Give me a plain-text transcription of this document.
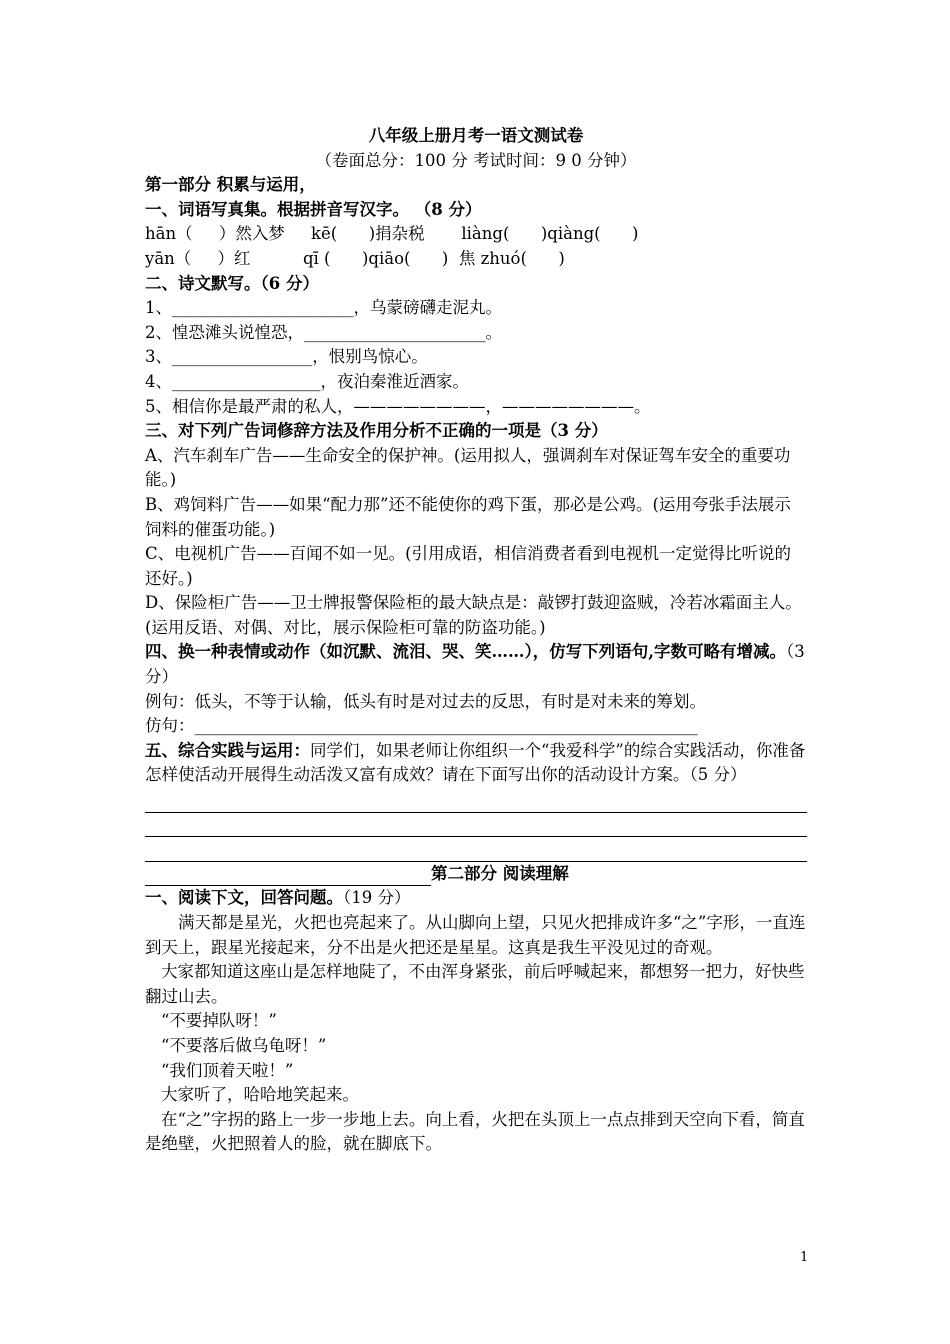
八年级上册月考一语文测试卷
（卷面总分：100 分 考试时间：9 0 分钟）
第一部分 积累与运用，
一、词语写真集。根据拼音写汉字。 （8 分）
hān（     ）然入梦     kē(      )捐杂税       liàng(      )qiàng(      )
yān（     ）红          qī (      )qiāo(      )  焦 zhuó(      )
二、诗文默写。（6 分）
1、______________________，乌蒙磅礴走泥丸。
2、惶恐滩头说惶恐，______________________。
3、_________________，恨别鸟惊心。
4、__________________，夜泊秦淮近酒家。
5、相信你是最严肃的私人，————————，————————。
三、对下列广告词修辞方法及作用分析不正确的一项是（3 分）
A、汽车刹车广告——生命安全的保护神。(运用拟人，强调刹车对保证驾车安全的重要功能。)
B、鸡饲料广告——如果“配力那”还不能使你的鸡下蛋，那必是公鸡。(运用夸张手法展示饲料的催蛋功能。)
C、电视机广告——百闻不如一见。(引用成语，相信消费者看到电视机一定觉得比听说的还好。)
D、保险柜广告——卫士牌报警保险柜的最大缺点是：敲锣打鼓迎盗贼，冷若冰霜面主人。(运用反语、对偶、对比，展示保险柜可靠的防盗功能。)
四、换一种表情或动作（如沉默、流泪、哭、笑……），仿写下列语句,字数可略有增减。（3 分）
例句：低头，不等于认输，低头有时是对过去的反思，有时是对未来的筹划。
仿句：_____________________________________________________________
五、综合实践与运用：同学们，如果老师让你组织一个“我爱科学”的综合实践活动，你准备怎样使活动开展得生动活泼又富有成效？请在下面写出你的活动设计方案。（5 分）
第二部分 阅读理解
一、阅读下文，回答问题。（19 分）
满天都是星光，火把也亮起来了。从山脚向上望，只见火把排成许多“之”字形，一直连到天上，跟星光接起来，分不出是火把还是星星。这真是我生平没见过的奇观。
大家都知道这座山是怎样地陡了，不由浑身紧张，前后呼喊起来，都想努一把力，好快些翻过山去。
“不要掉队呀！”
“不要落后做乌龟呀！”
“我们顶着天啦！”
大家听了，哈哈地笑起来。
在“之”字拐的路上一步一步地上去。向上看，火把在头顶上一点点排到天空向下看，简直是绝壁，火把照着人的脸，就在脚底下。
1
